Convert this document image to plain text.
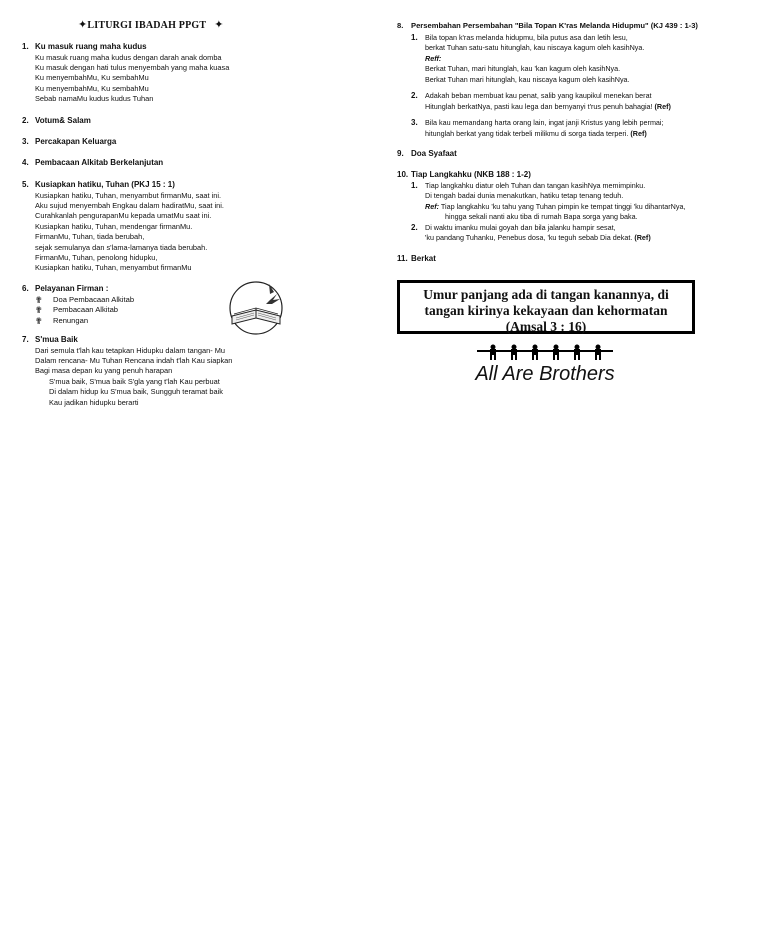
✦LITURGI IBADAH PPGT ✦
1. Ku masuk ruang maha kudus
Ku masuk ruang maha kudus dengan darah anak domba
Ku masuk dengan hati tulus menyembah yang maha kuasa
Ku menyembahMu, Ku sembahMu
Ku menyembahMu, Ku sembahMu
Sebab namaMu kudus kudus Tuhan
2. Votum& Salam
3. Percakapan Keluarga
4. Pembacaan Alkitab Berkelanjutan
5. Kusiapkan hatiku, Tuhan (PKJ 15 : 1)
Kusiapkan hatiku, Tuhan, menyambut firmanMu, saat ini.
Aku sujud menyembah Engkau dalam hadiratMu, saat ini.
Curahkanlah pengurapanMu kepada umatMu saat ini.
Kusiapkan hatiku, Tuhan, mendengar firmanMu.
FirmanMu, Tuhan, tiada berubah,
sejak semulanya dan s'lama-lamanya tiada berubah.
FirmanMu, Tuhan, penolong hidupku,
Kusiapkan hatiku, Tuhan, menyambut firmanMu
6. Pelayanan Firman :
✟	Doa Pembacaan Alkitab
✟	Pembacaan Alkitab
✟	Renungan
7. S'mua Baik
Dari semula t'lah kau tetapkan Hidupku dalam tangan- Mu
Dalam rencana- Mu Tuhan Rencana indah t'lah Kau siapkan
Bagi masa depan ku yang penuh harapan
S'mua baik, S'mua baik S'gla yang t'lah Kau perbuat
Di dalam hidup ku S'mua baik, Sungguh teramat baik
Kau jadikan hidupku berarti
8. Persembahan Persembahan "Bila Topan K'ras Melanda Hidupmu" (KJ 439 : 1-3)
1.	Bila topan k'ras melanda hidupmu, bila putus asa dan letih lesu,
berkat Tuhan satu-satu hitunglah, kau niscaya kagum oleh kasihNya.
Reff:
Berkat Tuhan, mari hitunglah, kau 'kan kagum oleh kasihNya.
Berkat Tuhan mari hitunglah, kau niscaya kagum oleh kasihNya.
2.	Adakah beban membuat kau penat, salib yang kaupikul menekan berat
Hitunglah berkatNya, pasti kau lega dan bernyanyi t'rus penuh bahagia! (Ref)
3.	Bila kau memandang harta orang lain, ingat janji Kristus yang lebih permai;
hitunglah berkat yang tidak terbeli milikmu di sorga tiada terperi. (Ref)
9. Doa Syafaat
10. Tiap Langkahku (NKB 188 : 1-2)
1.	Tiap langkahku diatur oleh Tuhan dan tangan kasihNya memimpinku.
Di tengah badai dunia menakutkan, hatiku tetap tenang teduh.
Ref: Tiap langkahku 'ku tahu yang Tuhan pimpin ke tempat tinggi 'ku dihantarNya,
hingga sekali nanti aku tiba di rumah Bapa sorga yang baka.
2.	Di waktu imanku mulai goyah dan bila jalanku hampir sesat,
'ku pandang Tuhanku, Penebus dosa, 'ku teguh sebab Dia dekat. (Ref)
11. Berkat
Umur panjang ada di tangan kanannya, di
tangan kirinya kekayaan dan kehormatan
(Amsal 3 : 16)
All Are Brothers
